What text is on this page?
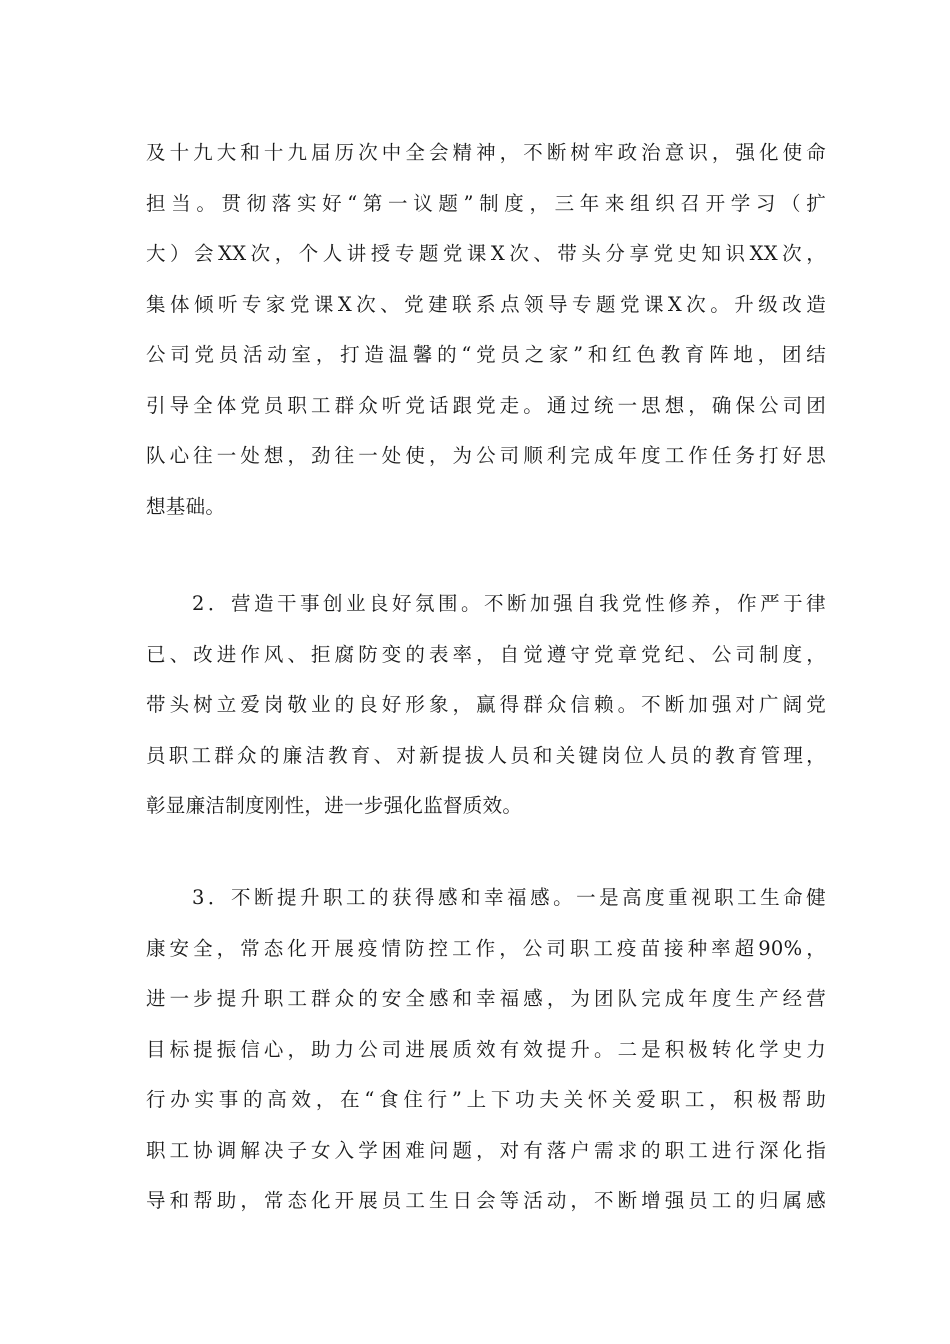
及十九大和十九届历次中全会精神，不断树牢政治意识，强化使命
担当。贯彻落实好“第一议题”制度，三年来组织召开学习（扩
大）会XX次，个人讲授专题党课X次、带头分享党史知识XX次，
集体倾听专家党课X次、党建联系点领导专题党课X次。升级改造
公司党员活动室，打造温馨的“党员之家”和红色教育阵地，团结
引导全体党员职工群众听党话跟党走。通过统一思想，确保公司团
队心往一处想，劲往一处使，为公司顺利完成年度工作任务打好思
想基础。
　　2．营造干事创业良好氛围。不断加强自我党性修养，作严于律
已、改进作风、拒腐防变的表率，自觉遵守党章党纪、公司制度，
带头树立爱岗敬业的良好形象，赢得群众信赖。不断加强对广阔党
员职工群众的廉洁教育、对新提拔人员和关键岗位人员的教育管理，
彰显廉洁制度刚性，进一步强化监督质效。
　　3．不断提升职工的获得感和幸福感。一是高度重视职工生命健
康安全，常态化开展疫情防控工作，公司职工疫苗接种率超90%，
进一步提升职工群众的安全感和幸福感，为团队完成年度生产经营
目标提振信心，助力公司进展质效有效提升。二是积极转化学史力
行办实事的高效，在“食住行”上下功夫关怀关爱职工，积极帮助
职工协调解决子女入学困难问题，对有落户需求的职工进行深化指
导和帮助，常态化开展员工生日会等活动，不断增强员工的归属感
